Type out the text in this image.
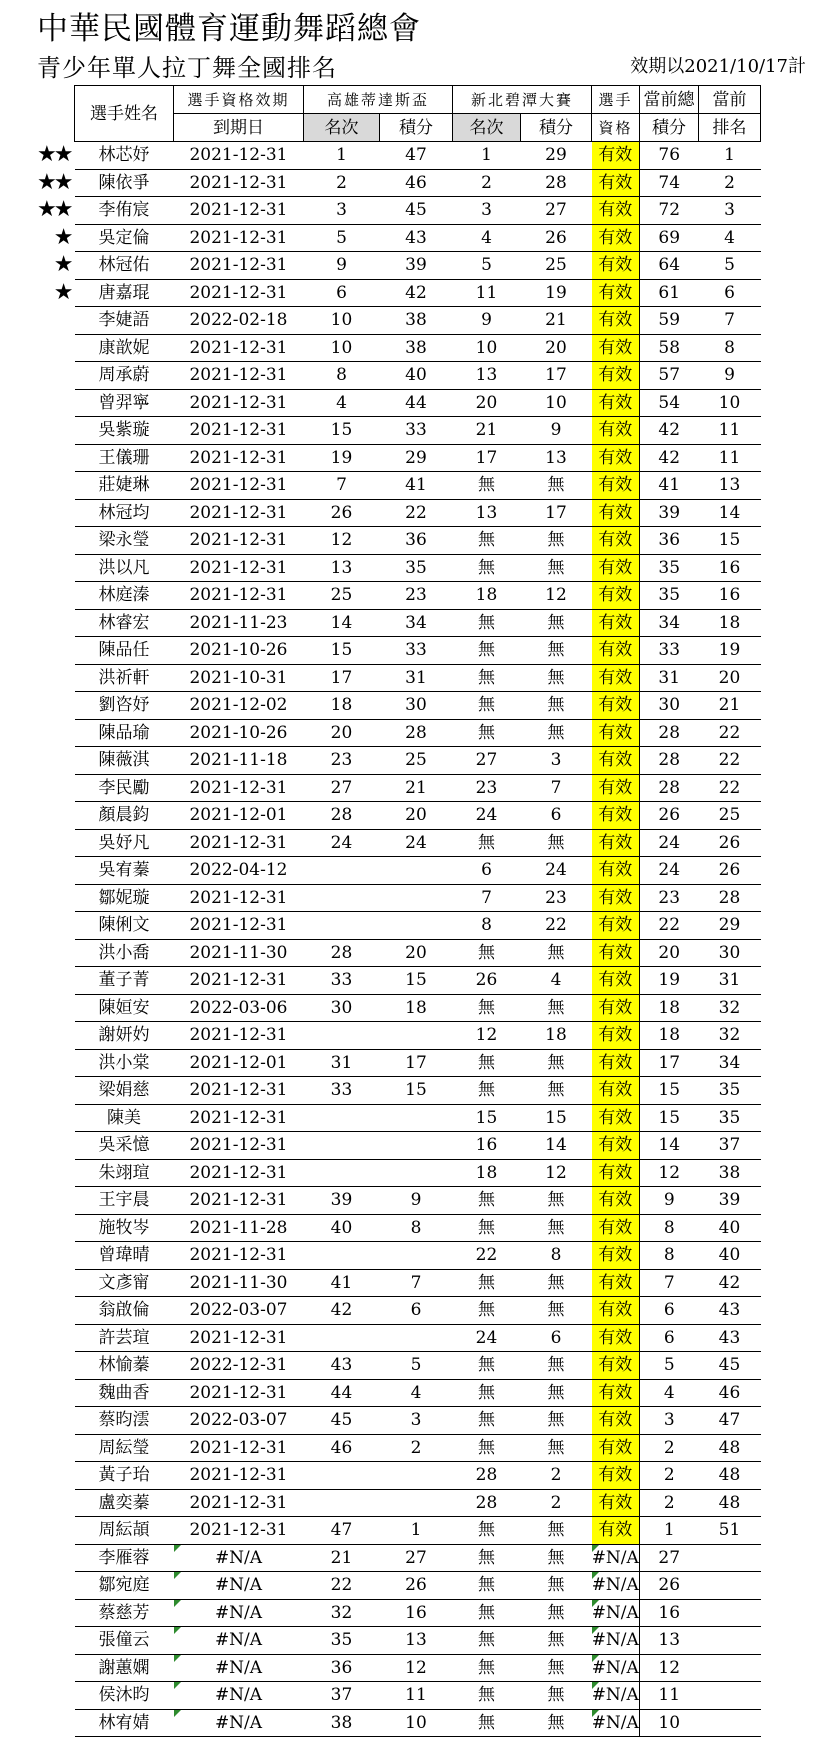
中華民國體育運動舞蹈總會
青少年單人拉丁舞全國排名	效期以2021/10/17計
選手姓名	選手資格效期	高雄蒂達斯盃		新北碧潭大賽		選手	當前總	當前
	到期日	名次	積分	名次	積分	資格	積分	排名

★★ 林芯妤	2021-12-31	1	47	1	29	有效	76	1

★★ 陳依爭	2021-12-31	2	46	2	28	有效	74	2

★★ 李侑宸	2021-12-31	3	45	3	27	有效	72	3

★ 吳定倫	2021-12-31	5	43	4	26	有效	69	4

★ 林冠佑	2021-12-31	9	39	5	25	有效	64	5

★ 唐嘉琨	2021-12-31	6	42	11	19	有效	61	6
李婕語	2022-02-18	10	38	9	21	有效	59	7
康歆妮	2021-12-31	10	38	10	20	有效	58	8
周承蔚	2021-12-31	8	40	13	17	有效	57	9
曾羿寧	2021-12-31	4	44	20	10	有效	54	10
吳紫璇	2021-12-31	15	33	21	9	有效	42	11
王儀珊	2021-12-31	19	29	17	13	有效	42	11
莊婕琳	2021-12-31	7	41	無	無	有效	41	13
林冠均	2021-12-31	26	22	13	17	有效	39	14
梁永瑩	2021-12-31	12	36	無	無	有效	36	15
洪以凡	2021-12-31	13	35	無	無	有效	35	16
林庭溱	2021-12-31	25	23	18	12	有效	35	16
林睿宏	2021-11-23	14	34	無	無	有效	34	18
陳品任	2021-10-26	15	33	無	無	有效	33	19
洪祈軒	2021-10-31	17	31	無	無	有效	31	20
劉咨妤	2021-12-02	18	30	無	無	有效	30	21
陳品瑜	2021-10-26	20	28	無	無	有效	28	22
陳薇淇	2021-11-18	23	25	27	3	有效	28	22
李民勵	2021-12-31	27	21	23	7	有效	28	22
顏晨鈞	2021-12-01	28	20	24	6	有效	26	25
吳妤凡	2021-12-31	24	24	無	無	有效	24	26
吳宥蓁	2022-04-12			6	24	有效	24	26
鄒妮璇	2021-12-31			7	23	有效	23	28
陳俐文	2021-12-31			8	22	有效	22	29
洪小喬	2021-11-30	28	20	無	無	有效	20	30
董子菁	2021-12-31	33	15	26	4	有效	19	31
陳姮安	2022-03-06	30	18	無	無	有效	18	32
謝妍妁	2021-12-31			12	18	有效	18	32
洪小棠	2021-12-01	31	17	無	無	有效	17	34
梁娟慈	2021-12-31	33	15	無	無	有效	15	35
陳美	2021-12-31			15	15	有效	15	35
吳采憶	2021-12-31			16	14	有效	14	37
朱翊瑄	2021-12-31			18	12	有效	12	38
王宇晨	2021-12-31	39	9	無	無	有效	9	39
施牧岑	2021-11-28	40	8	無	無	有效	8	40
曾瑋晴	2021-12-31			22	8	有效	8	40
文彥甯	2021-11-30	41	7	無	無	有效	7	42
翁啟倫	2022-03-07	42	6	無	無	有效	6	43
許芸瑄	2021-12-31			24	6	有效	6	43
林愉蓁	2022-12-31	43	5	無	無	有效	5	45
魏曲香	2021-12-31	44	4	無	無	有效	4	46
蔡昀澐	2022-03-07	45	3	無	無	有效	3	47
周紜瑩	2021-12-31	46	2	無	無	有效	2	48
黃子珆	2021-12-31			28	2	有效	2	48
盧奕蓁	2021-12-31			28	2	有效	2	48
周紜頡	2021-12-31	47	1	無	無	有效	1	51
李雁蓉	#N/A	21	27	無	無	#N/A	27	
鄒宛庭	#N/A	22	26	無	無	#N/A	26	
蔡慈芳	#N/A	32	16	無	無	#N/A	16	
張僮云	#N/A	35	13	無	無	#N/A	13	
謝蕙嫻	#N/A	36	12	無	無	#N/A	12	
侯沐昀	#N/A	37	11	無	無	#N/A	11	
林宥婧	#N/A	38	10	無	無	#N/A	10	
